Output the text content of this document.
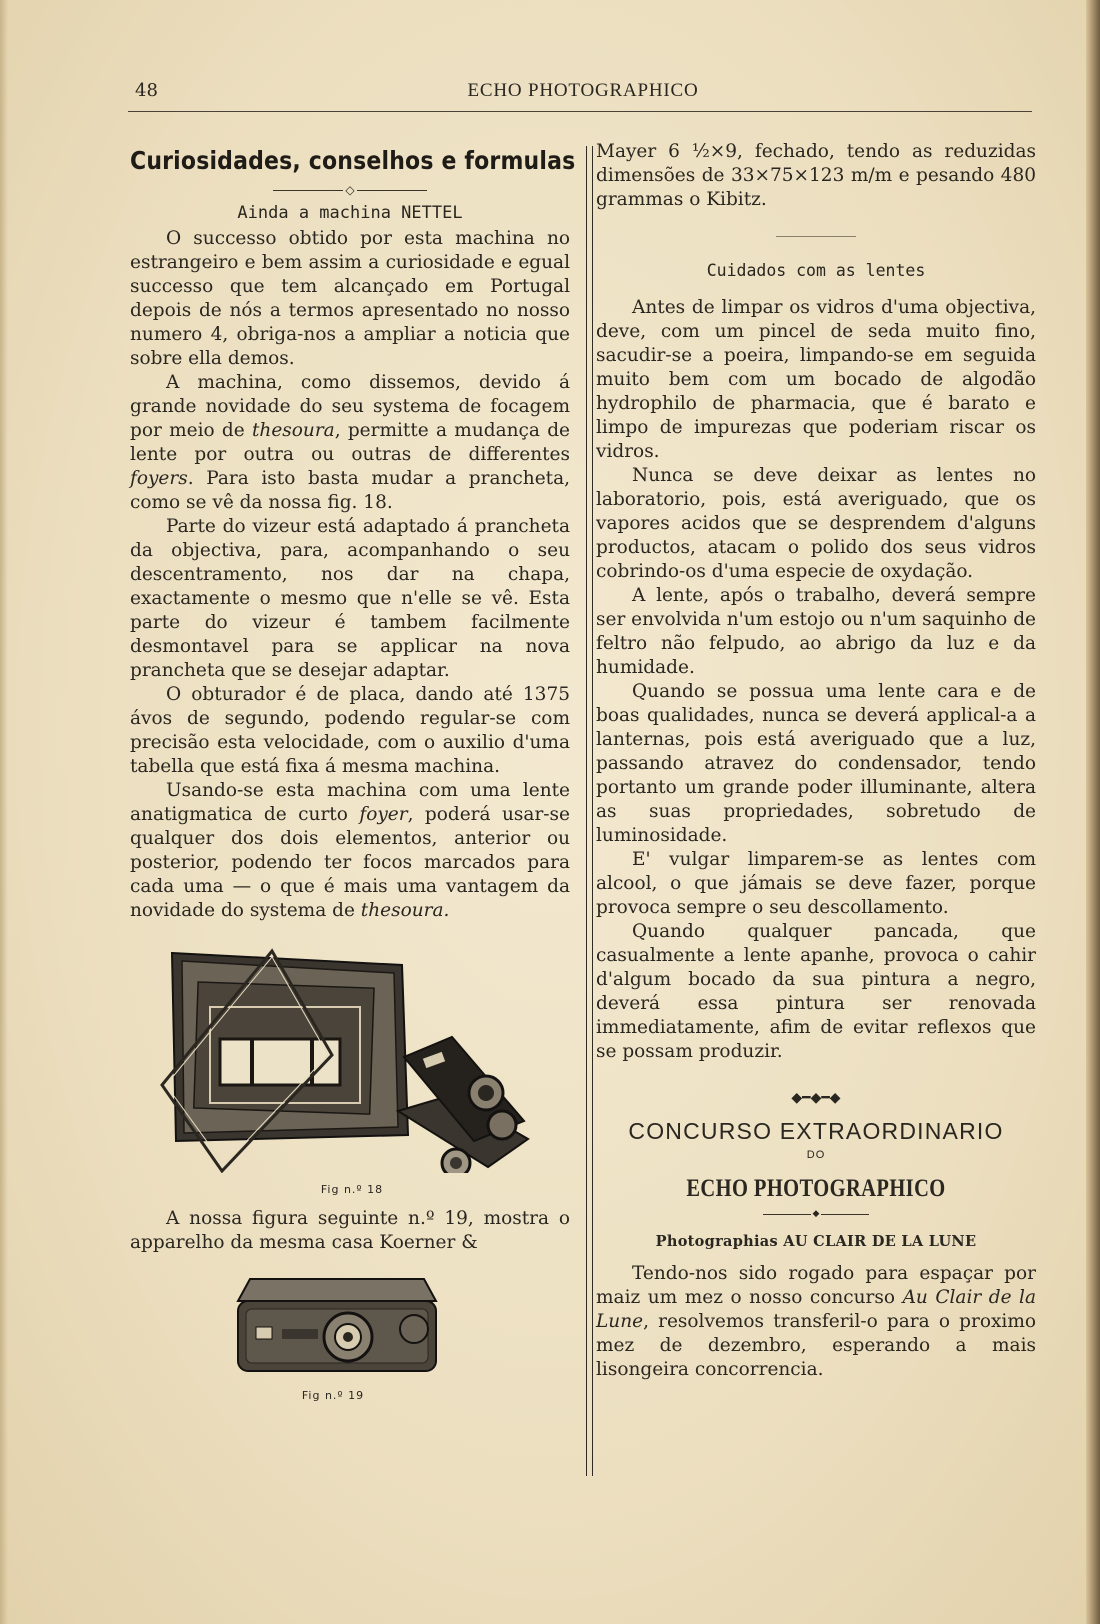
48	ECHO PHOTOGRAPHICO
Curiosidades, conselhos e formulas
◇
Ainda a machina NETTEL

O successo obtido por esta machina no estrangeiro e bem assim a curiosidade e egual successo que tem alcançado em Portugal depois de nós a termos apresentado no nosso numero 4, obriga-nos a ampliar a noticia que sobre ella demos.

A machina, como dissemos, devido á grande novidade do seu systema de focagem por meio de thesoura, permitte a mudança de lente por outra ou outras de differentes foyers. Para isto basta mudar a prancheta, como se vê da nossa fig. 18.

Parte do vizeur está adaptado á prancheta da objectiva, para, acompanhando o seu descentramento, nos dar na chapa, exactamente o mesmo que n'elle se vê. Esta parte do vizeur é tambem facilmente desmontavel para se applicar na nova prancheta que se desejar adaptar.

O obturador é de placa, dando até 1375 ávos de segundo, podendo regular-se com precisão esta velocidade, com o auxilio d'uma tabella que está fixa á mesma machina.

Usando-se esta machina com uma lente anatigmatica de curto foyer, poderá usar-se qualquer dos dois elementos, anterior ou posterior, podendo ter focos marcados para cada uma — o que é mais uma vantagem da novidade do systema de thesoura.

Fig n.º 18

A nossa figura seguinte n.º 19, mostra o apparelho da mesma casa Koerner &

Fig n.º 19

Mayer 6 ½×9, fechado, tendo as reduzidas dimensões de 33×75×123 m/m e pesando 480 grammas o Kibitz.

Cuidados com as lentes

Antes de limpar os vidros d'uma objectiva, deve, com um pincel de seda muito fino, sacudir-se a poeira, limpando-se em seguida muito bem com um bocado de algodão hydrophilo de pharmacia, que é barato e limpo de impurezas que poderiam riscar os vidros.

Nunca se deve deixar as lentes no laboratorio, pois, está averiguado, que os vapores acidos que se desprendem d'alguns productos, atacam o polido dos seus vidros cobrindo-os d'uma especie de oxydação.

A lente, após o trabalho, deverá sempre ser envolvida n'um estojo ou n'um saquinho de feltro não felpudo, ao abrigo da luz e da humidade.

Quando se possua uma lente cara e de boas qualidades, nunca se deverá applical-a a lanternas, pois está averiguado que a luz, passando atravez do condensador, tendo portanto um grande poder illuminante, altera as suas propriedades, sobretudo de luminosidade.

E' vulgar limparem-se as lentes com alcool, o que jámais se deve fazer, porque provoca sempre o seu descollamento.

Quando qualquer pancada, que casualmente a lente apanhe, provoca o cahir d'algum bocado da sua pintura a negro, deverá essa pintura ser renovada immediatamente, afim de evitar reflexos que se possam produzir.

◆━◆━◆
CONCURSO EXTRAORDINARIO
DO
ECHO PHOTOGRAPHICO
◆
Photographias AU CLAIR DE LA LUNE

Tendo-nos sido rogado para espaçar por maiz um mez o nosso concurso Au Clair de la Lune, resolvemos transferil-o para o proximo mez de dezembro, esperando a mais lisongeira concorrencia.
